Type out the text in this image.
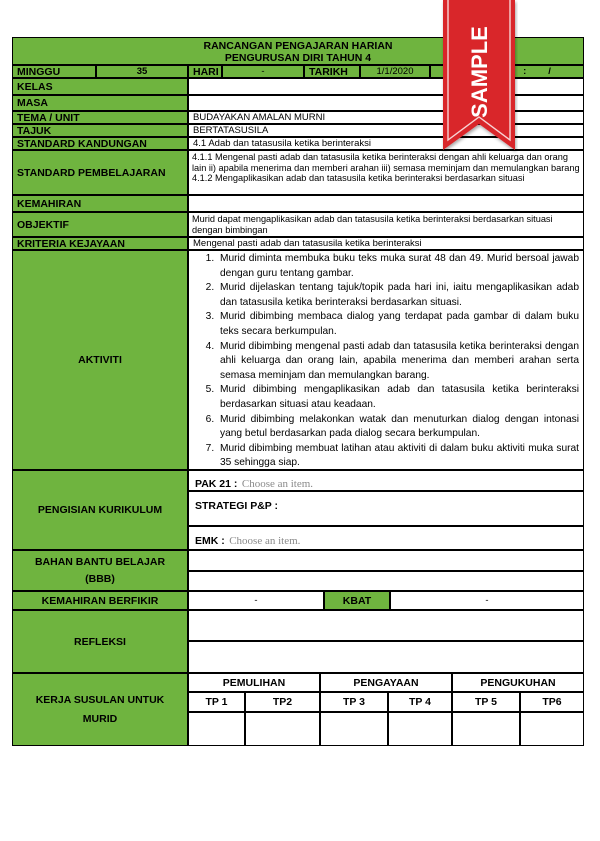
RANCANGAN PENGAJARAN HARIAN
PENGURUSAN DIRI TAHUN 4
MINGGU	35	HARI	-	TARIKH	1/1/2020	: /
KELAS
MASA
TEMA / UNIT	BUDAYAKAN AMALAN MURNI
TAJUK	BERTATASUSILA
STANDARD KANDUNGAN	4.1 Adab dan tatasusila ketika berinteraksi
STANDARD PEMBELAJARAN
4.1.1 Mengenal pasti adab dan tatasusila ketika berinteraksi dengan ahli keluarga dan orang lain ii) apabila menerima dan memberi arahan iii) semasa meminjam dan memulangkan barang
4.1.2 Mengaplikasikan adab dan tatasusila ketika berinteraksi berdasarkan situasi
KEMAHIRAN
OBJEKTIF	Murid dapat mengaplikasikan adab dan tatasusila ketika berinteraksi berdasarkan situasi dengan bimbingan
KRITERIA KEJAYAAN	Mengenal pasti adab dan tatasusila ketika berinteraksi
AKTIVITI
1. Murid diminta membuka buku teks muka surat 48 dan 49. Murid bersoal jawab dengan guru tentang gambar.
2. Murid dijelaskan tentang tajuk/topik pada hari ini, iaitu mengaplikasikan adab dan tatasusila ketika berinteraksi berdasarkan situasi.
3. Murid dibimbing membaca dialog yang terdapat pada gambar di dalam buku teks secara berkumpulan.
4. Murid dibimbing mengenal pasti adab dan tatasusila ketika berinteraksi dengan ahli keluarga dan orang lain, apabila menerima dan memberi arahan serta semasa meminjam dan memulangkan barang.
5. Murid dibimbing mengaplikasikan adab dan tatasusila ketika berinteraksi berdasarkan situasi atau keadaan.
6. Murid dibimbing melakonkan watak dan menuturkan dialog dengan intonasi yang betul berdasarkan pada dialog secara berkumpulan.
7. Murid dibimbing membuat latihan atau aktiviti di dalam buku aktiviti muka surat 35 sehingga siap.
PENGISIAN KURIKULUM
PAK 21 : Choose an item.
STRATEGI P&P :
EMK : Choose an item.
BAHAN BANTU BELAJAR
(BBB)
KEMAHIRAN BERFIKIR	-	KBAT	-
REFLEKSI
KERJA SUSULAN UNTUK
MURID
PEMULIHAN	PENGAYAAN	PENGUKUHAN
TP 1	TP2	TP 3	TP 4	TP 5	TP6
SAMPLE
